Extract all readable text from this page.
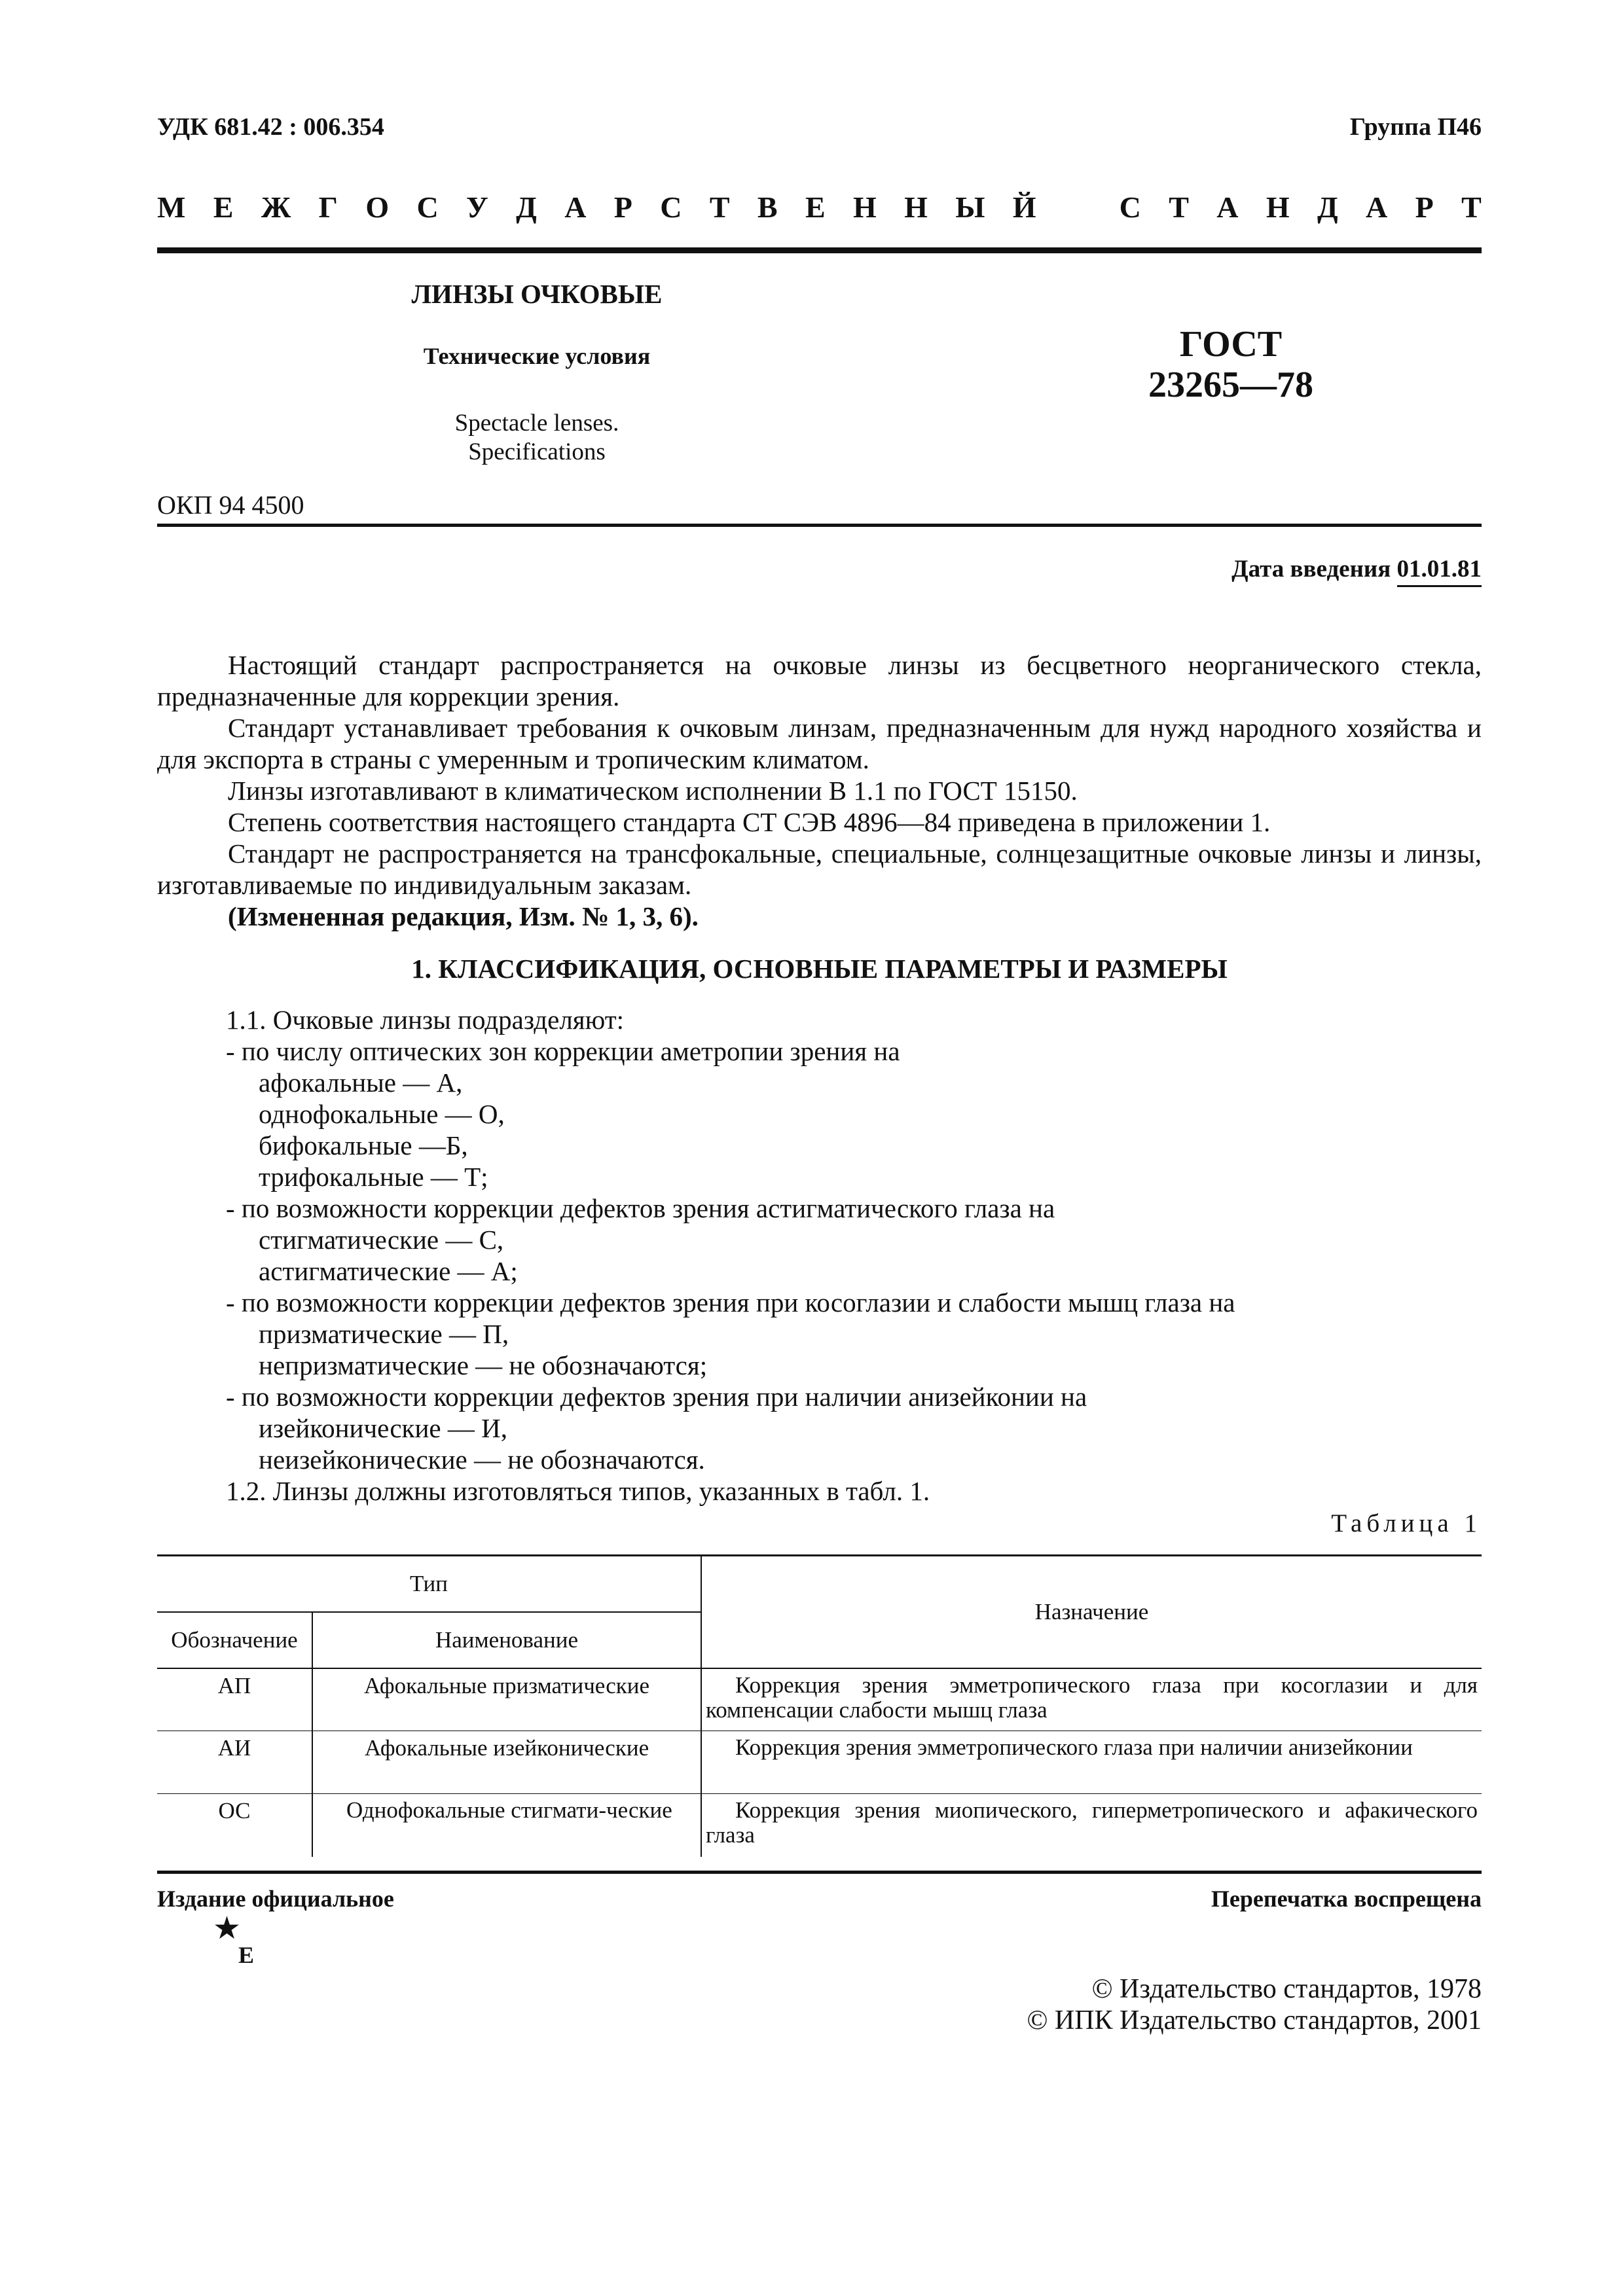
УДК 681.42 : 006.354	Группа П46
М Е Ж Г О С У Д А Р С Т В Е Н Н Ы Й	С Т А Н Д А Р Т
ЛИНЗЫ ОЧКОВЫЕ
Технические условия
Spectacle lenses.
Specifications
ГОСТ
23265—78
ОКП 94 4500
Дата введения 01.01.81
Настоящий стандарт распространяется на очковые линзы из бесцветного неорганического стекла, предназначенные для коррекции зрения.
Стандарт устанавливает требования к очковым линзам, предназначенным для нужд народного хозяйства и для экспорта в страны с умеренным и тропическим климатом.
Линзы изготавливают в климатическом исполнении В 1.1 по ГОСТ 15150.
Степень соответствия настоящего стандарта СТ СЭВ 4896—84 приведена в приложении 1.
Стандарт не распространяется на трансфокальные, специальные, солнцезащитные очковые линзы и линзы, изготавливаемые по индивидуальным заказам.
(Измененная редакция, Изм. № 1, 3, 6).
1. КЛАССИФИКАЦИЯ, ОСНОВНЫЕ ПАРАМЕТРЫ И РАЗМЕРЫ
1.1. Очковые линзы подразделяют:
- по числу оптических зон коррекции аметропии зрения на
афокальные — А,
однофокальные — О,
бифокальные —Б,
трифокальные — Т;
- по возможности коррекции дефектов зрения астигматического глаза на
стигматические — С,
астигматические — А;
- по возможности коррекции дефектов зрения при косоглазии и слабости мышц глаза на
призматические — П,
непризматические — не обозначаются;
- по возможности коррекции дефектов зрения при наличии анизейконии на
изейконические — И,
неизейконические — не обозначаются.
1.2. Линзы должны изготовляться типов, указанных в табл. 1.
Таблица 1
Тип		Назначение
Обозначение	Наименование	
АП	Афокальные призматические	Коррекция зрения эмметропического глаза при косоглазии и для компенсации слабости мышц глаза
АИ	Афокальные изейконические	Коррекция зрения эмметропического глаза при наличии анизейконии
ОС	Однофокальные стигмати-ческие	Коррекция зрения миопического, гиперметропического и афакического глаза
Издание официальное	Перепечатка воспрещена
★
Е
© Издательство стандартов, 1978
© ИПК Издательство стандартов, 2001
